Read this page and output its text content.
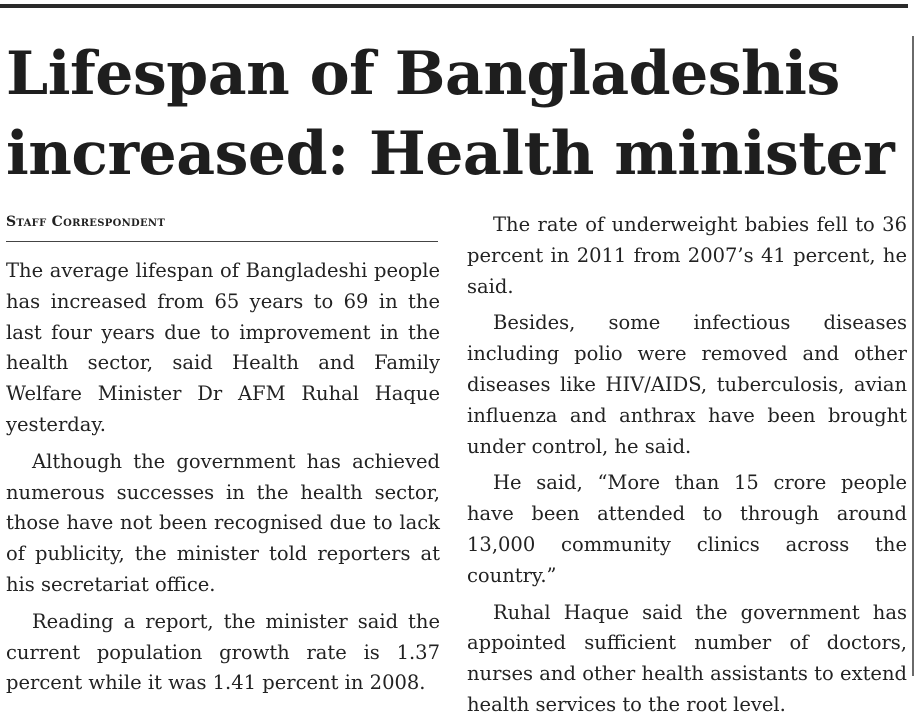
Lifespan of Bangladeshis
increased: Health minister
Staff Correspondent

The average lifespan of Bangladeshi people has increased from 65 years to 69 in the last four years due to improvement in the health sector, said Health and Family Welfare Minister Dr AFM Ruhal Haque yesterday.

Although the government has achieved numerous successes in the health sector, those have not been recognised due to lack of publicity, the minister told reporters at his secretariat office.

Reading a report, the minister said the current population growth rate is 1.37 percent while it was 1.41 percent in 2008.

The rate of underweight babies fell to 36 percent in 2011 from 2007’s 41 percent, he said.

Besides, some infectious diseases including polio were removed and other diseases like HIV/AIDS, tuberculosis, avian influenza and anthrax have been brought under control, he said.

He said, “More than 15 crore people have been attended to through around 13,000 community clinics across the country.”

Ruhal Haque said the government has appointed sufficient number of doctors, nurses and other health assistants to extend health services to the root level.
